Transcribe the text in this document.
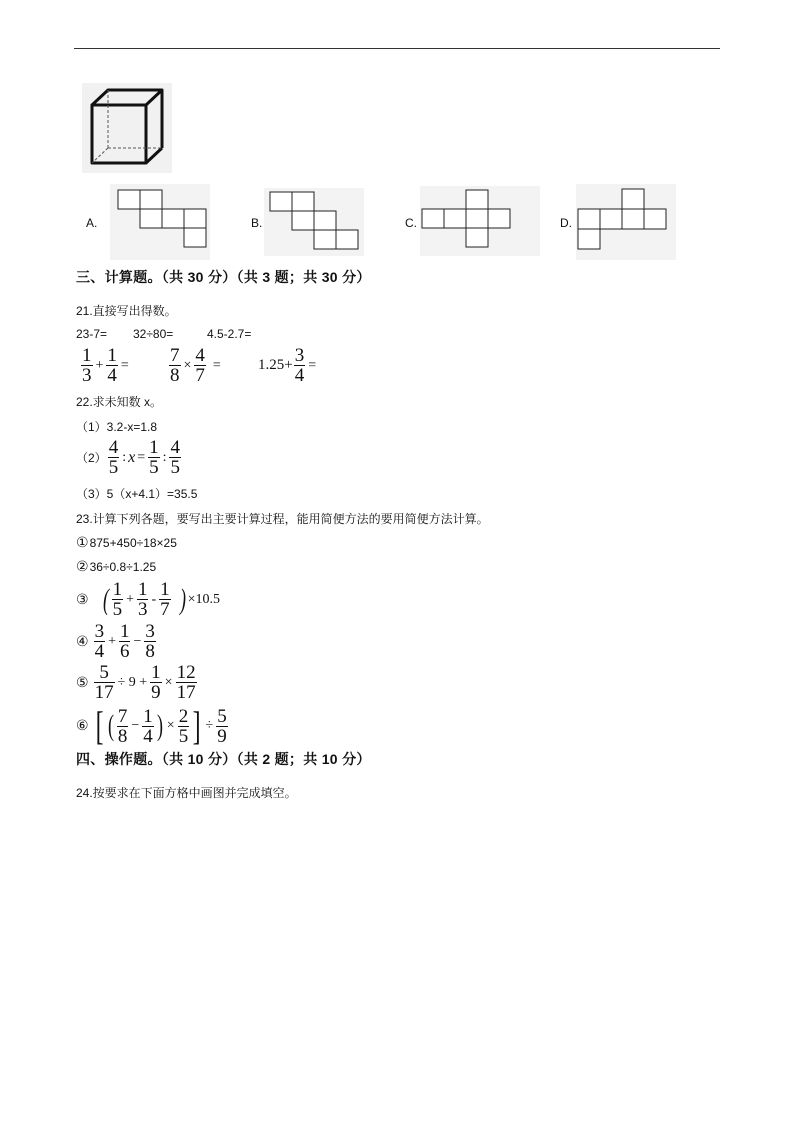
A.	B.	C.	D.
三、计算题。（共 30 分）（共 3 题；共 30 分）
21.直接写出得数。
23-7= 32÷80=	4.5-2.7=
$\frac{1}{3} + \frac{1}{4} = \frac{7}{8} \times \frac{4}{7} = 1.25+ \frac{3}{4}$ =
22.求未知数 x。
（1）3.2-x=1.8
$(2) \frac{4}{5}$ : $x = \frac{1}{5}$ : $\frac{4}{5}$
（3）5（x+4.1）=35.5
23.计算下列各题，要写出主要计算过程，能用简便方法的要用简便方法计算。
① 875+450÷18×25
② 36÷0.8÷1.25
③ ( $\frac{1}{5} + \frac{1}{3} - \frac{1}{7}$ ) ×10.5
④ $\frac{3}{4} + \frac{1}{6} - \frac{3}{8}$
⑤ $\frac{5}{17} \div 9 + \frac{1}{9} \times \frac{12}{17}$
⑥ [ ( $\frac{7}{8} - \frac{1}{4}$ ) × $\frac{2}{5}$ ] ÷ $\frac{5}{9}$
四、操作题。（共 10 分）（共 2 题；共 10 分）
24.按要求在下面方格中画图并完成填空。
